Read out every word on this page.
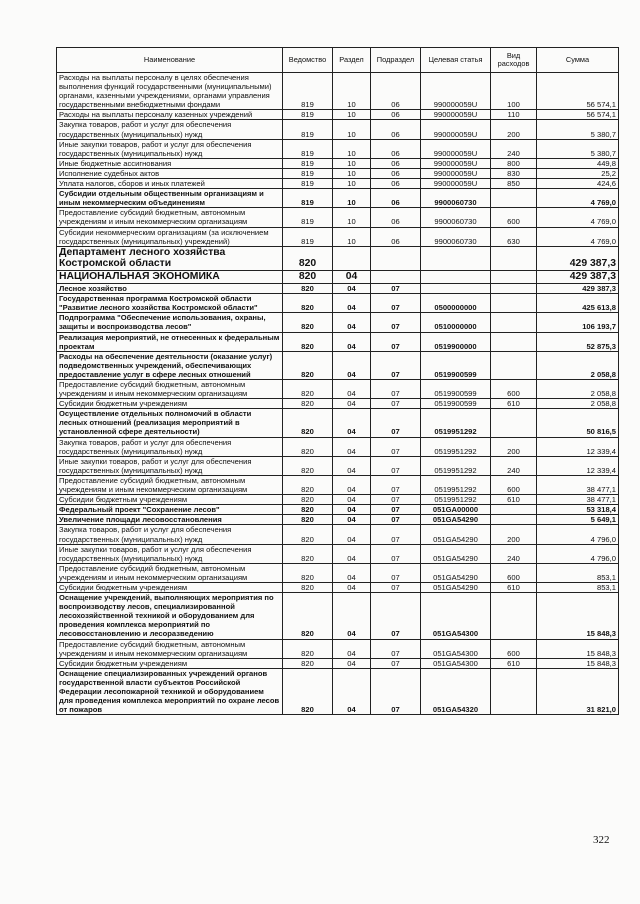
Наименование	Ведомство	Раздел	Подраздел	Целевая статья	Вид расходов	Сумма
Расходы на выплаты персоналу в целях обеспечения выполнения функций государственными (муниципальными) органами, казенными учреждениями, органами управления государственными внебюджетными фондами	819	10	06	990000059U	100	56 574,1
Расходы на выплаты персоналу казенных учреждений	819	10	06	990000059U	110	56 574,1
Закупка товаров, работ и услуг для обеспечения государственных (муниципальных) нужд	819	10	06	990000059U	200	5 380,7
Иные закупки товаров, работ и услуг для обеспечения государственных (муниципальных) нужд	819	10	06	990000059U	240	5 380,7
Иные бюджетные ассигнования	819	10	06	990000059U	800	449,8
Исполнение судебных актов	819	10	06	990000059U	830	25,2
Уплата налогов, сборов и иных платежей	819	10	06	990000059U	850	424,6
Субсидии отдельным общественным организациям и иным некоммерческим объединениям	819	10	06	9900060730		4 769,0
Предоставление субсидий бюджетным, автономным учреждениям и иным некоммерческим организациям	819	10	06	9900060730	600	4 769,0
Субсидии некоммерческим организациям (за исключением государственных (муниципальных) учреждений)	819	10	06	9900060730	630	4 769,0
Департамент лесного хозяйства Костромской области	820					429 387,3
НАЦИОНАЛЬНАЯ ЭКОНОМИКА	820	04				429 387,3
Лесное хозяйство	820	04	07			429 387,3
Государственная программа Костромской области "Развитие лесного хозяйства Костромской области"	820	04	07	0500000000		425 613,8
Подпрограмма "Обеспечение использования, охраны, защиты и воспроизводства лесов"	820	04	07	0510000000		106 193,7
Реализация мероприятий, не отнесенных к федеральным проектам	820	04	07	0519900000		52 875,3
Расходы на обеспечение деятельности (оказание услуг) подведомственных учреждений, обеспечивающих предоставление услуг в сфере лесных отношений	820	04	07	0519900599		2 058,8
Предоставление субсидий бюджетным, автономным учреждениям и иным некоммерческим организациям	820	04	07	0519900599	600	2 058,8
Субсидии бюджетным учреждениям	820	04	07	0519900599	610	2 058,8
Осуществление отдельных полномочий в области лесных отношений (реализация мероприятий в установленной сфере деятельности)	820	04	07	0519951292		50 816,5
Закупка товаров, работ и услуг для обеспечения государственных (муниципальных) нужд	820	04	07	0519951292	200	12 339,4
Иные закупки товаров, работ и услуг для обеспечения государственных (муниципальных) нужд	820	04	07	0519951292	240	12 339,4
Предоставление субсидий бюджетным, автономным учреждениям и иным некоммерческим организациям	820	04	07	0519951292	600	38 477,1
Субсидии бюджетным учреждениям	820	04	07	0519951292	610	38 477,1
Федеральный проект "Сохранение лесов"	820	04	07	051GA00000		53 318,4
Увеличение площади лесовосстановления	820	04	07	051GA54290		5 649,1
Закупка товаров, работ и услуг для обеспечения государственных (муниципальных) нужд	820	04	07	051GA54290	200	4 796,0
Иные закупки товаров, работ и услуг для обеспечения государственных (муниципальных) нужд	820	04	07	051GA54290	240	4 796,0
Предоставление субсидий бюджетным, автономным учреждениям и иным некоммерческим организациям	820	04	07	051GA54290	600	853,1
Субсидии бюджетным учреждениям	820	04	07	051GA54290	610	853,1
Оснащение учреждений, выполняющих мероприятия по воспроизводству лесов, специализированной лесохозяйственной техникой и оборудованием для проведения комплекса мероприятий по лесовосстановлению и лесоразведению	820	04	07	051GA54300		15 848,3
Предоставление субсидий бюджетным, автономным учреждениям и иным некоммерческим организациям	820	04	07	051GA54300	600	15 848,3
Субсидии бюджетным учреждениям	820	04	07	051GA54300	610	15 848,3
Оснащение специализированных учреждений органов государственной власти субъектов Российской Федерации лесопожарной техникой и оборудованием для проведения комплекса мероприятий по охране лесов от пожаров	820	04	07	051GA54320		31 821,0
322
